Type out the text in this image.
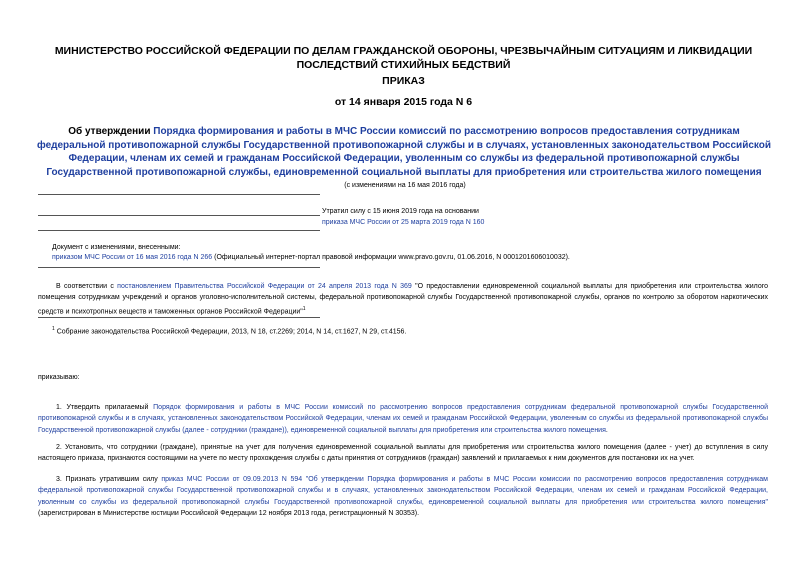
МИНИСТЕРСТВО РОССИЙСКОЙ ФЕДЕРАЦИИ ПО ДЕЛАМ ГРАЖДАНСКОЙ ОБОРОНЫ, ЧРЕЗВЫЧАЙНЫМ СИТУАЦИЯМ И ЛИКВИДАЦИИ ПОСЛЕДСТВИЙ СТИХИЙНЫХ БЕДСТВИЙ
ПРИКАЗ
от 14 января 2015 года N 6
Об утверждении Порядка формирования и работы в МЧС России комиссий по рассмотрению вопросов предоставления сотрудникам федеральной противопожарной службы Государственной противопожарной службы и в случаях, установленных законодательством Российской Федерации, членам их семей и гражданам Российской Федерации, уволенным со службы из федеральной противопожарной службы Государственной противопожарной службы, единовременной социальной выплаты для приобретения или строительства жилого помещения
(с изменениями на 16 мая 2016 года)
Утратил силу с 15 июня 2019 года на основании
приказа МЧС России от 25 марта 2019 года N 160
Документ с изменениями, внесенными:
приказом МЧС России от 16 мая 2016 года N 266 (Официальный интернет-портал правовой информации www.pravo.gov.ru, 01.06.2016, N 0001201606010032).
В соответствии с постановлением Правительства Российской Федерации от 24 апреля 2013 года N 369 "О предоставлении единовременной социальной выплаты для приобретения или строительства жилого помещения сотрудникам учреждений и органов уголовно-исполнительной системы, федеральной противопожарной службы Государственной противопожарной службы, органов по контролю за оборотом наркотических средств и психотропных веществ и таможенных органов Российской Федерации"$^1$
$^1$ Собрание законодательства Российской Федерации, 2013, N 18, ст.2269; 2014, N 14, ст.1627, N 29, ст.4156.
приказываю:
1. Утвердить прилагаемый Порядок формирования и работы в МЧС России комиссий по рассмотрению вопросов предоставления сотрудникам федеральной противопожарной службы Государственной противопожарной службы и в случаях, установленных законодательством Российской Федерации, членам их семей и гражданам Российской Федерации, уволенным со службы из федеральной противопожарной службы Государственной противопожарной службы (далее - сотрудники (граждане)), единовременной социальной выплаты для приобретения или строительства жилого помещения.
2. Установить, что сотрудники (граждане), принятые на учет для получения единовременной социальной выплаты для приобретения или строительства жилого помещения (далее - учет) до вступления в силу настоящего приказа, признаются состоящими на учете по месту прохождения службы с даты принятия от сотрудников (граждан) заявлений и прилагаемых к ним документов для постановки их на учет.
3. Признать утратившим силу приказ МЧС России от 09.09.2013 N 594 "Об утверждении Порядка формирования и работы в МЧС России комиссии по рассмотрению вопросов предоставления сотрудникам федеральной противопожарной службы Государственной противопожарной службы и в случаях, установленных законодательством Российской Федерации, членам их семей и гражданам Российской Федерации, уволенным со службы из федеральной противопожарной службы Государственной противопожарной службы, единовременной социальной выплаты для приобретения или строительства жилого помещения" (зарегистрирован в Министерстве юстиции Российской Федерации 12 ноября 2013 года, регистрационный N 30353).
